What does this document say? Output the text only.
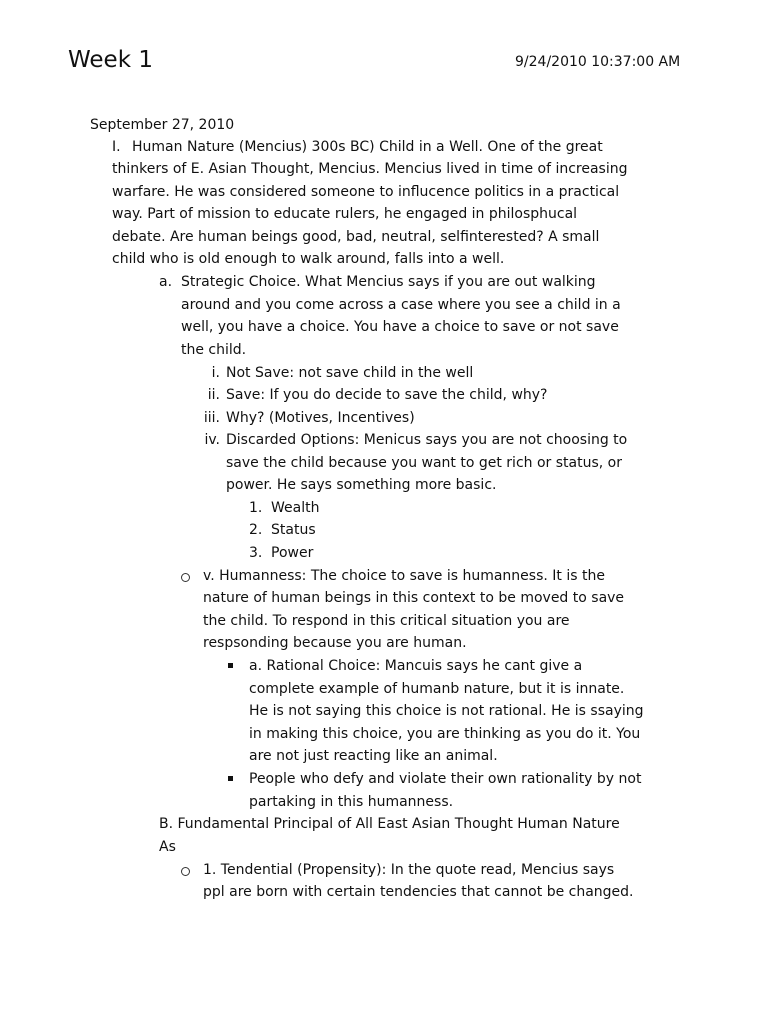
Week 1	9/24/2010 10:37:00 AM
September 27, 2010
I. Human Nature (Mencius) 300s BC) Child in a Well. One of the great
thinkers of E. Asian Thought, Mencius. Mencius lived in time of increasing
warfare. He was considered someone to influcence politics in a practical
way. Part of mission to educate rulers, he engaged in philosphucal
debate. Are human beings good, bad, neutral, selfinterested? A small
child who is old enough to walk around, falls into a well.
a. Strategic Choice. What Mencius says if you are out walking
around and you come across a case where you see a child in a
well, you have a choice. You have a choice to save or not save
the child.
i. Not Save: not save child in the well
ii. Save: If you do decide to save the child, why?
iii. Why? (Motives, Incentives)
iv. Discarded Options: Menicus says you are not choosing to
save the child because you want to get rich or status, or
power. He says something more basic.
1. Wealth
2. Status
3. Power
v. Humanness: The choice to save is humanness. It is the
nature of human beings in this context to be moved to save
the child. To respond in this critical situation you are
respsonding because you are human.
a. Rational Choice: Mancuis says he cant give a
complete example of humanb nature, but it is innate.
He is not saying this choice is not rational. He is ssaying
in making this choice, you are thinking as you do it. You
are not just reacting like an animal.
People who defy and violate their own rationality by not
partaking in this humanness.
B. Fundamental Principal of All East Asian Thought Human Nature
As
1. Tendential (Propensity): In the quote read, Mencius says
ppl are born with certain tendencies that cannot be changed.
